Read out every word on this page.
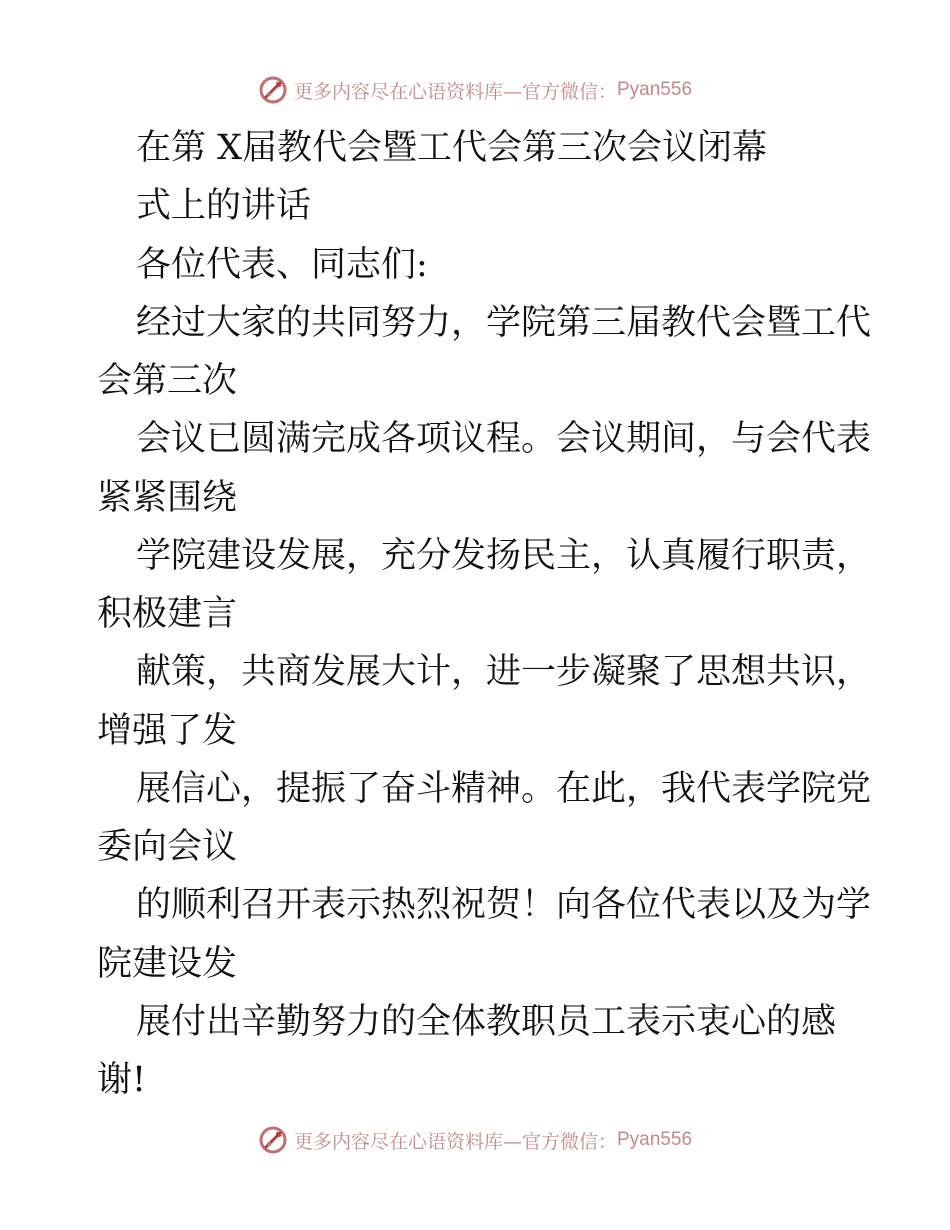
更多内容尽在心语资料库—官方微信： Pyan556
在第 X届教代会暨工代会第三次会议闭幕
式上的讲话
各位代表、同志们:
经过大家的共同努力，学院第三届教代会暨工代
会第三次
会议已圆满完成各项议程。会议期间，与会代表
紧紧围绕
学院建设发展，充分发扬民主，认真履行职责，
积极建言
献策，共商发展大计，进一步凝聚了思想共识，
增强了发
展信心，提振了奋斗精神。在此，我代表学院党
委向会议
的顺利召开表示热烈祝贺！向各位代表以及为学
院建设发
展付出辛勤努力的全体教职员工表示衷心的感
谢!
更多内容尽在心语资料库—官方微信： Pyan556
